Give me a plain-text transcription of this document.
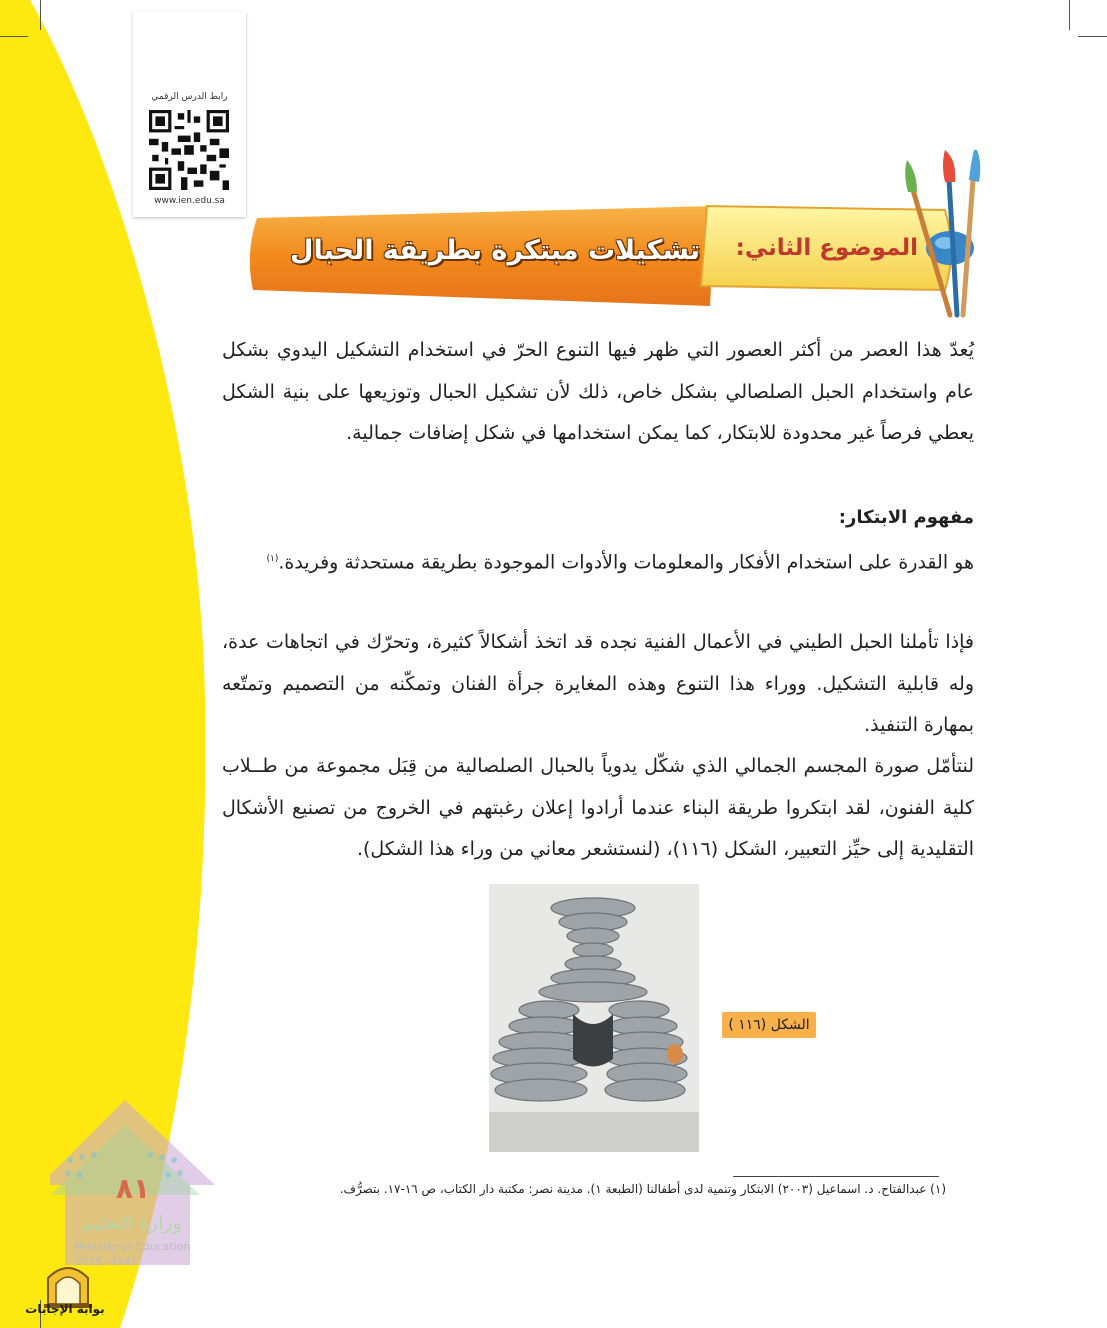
رابط الدرس الرقمي
www.ien.edu.sa
الموضوع الثاني:
تشكيلات مبتكرة بطريقة الحبال
يُعدّ هذا العصر من أكثر العصور التي ظهر فيها التنوع الحرّ في استخدام التشكيل اليدوي بشكل عام واستخدام الحبل الصلصالي بشكل خاص، ذلك لأن تشكيل الحبال وتوزيعها على بنية الشكل يعطي فرصاً غير محدودة للابتكار، كما يمكن استخدامها في شكل إضافات جمالية.
مفهوم الابتكار:
هو القدرة على استخدام الأفكار والمعلومات والأدوات الموجودة بطريقة مستحدثة وفريدة.$^{(١)}$
فإذا تأملنا الحبل الطيني في الأعمال الفنية نجده قد اتخذ أشكالاً كثيرة، وتحرّك في اتجاهات عدة، وله قابلية التشكيل. ووراء هذا التنوع وهذه المغايرة جرأة الفنان وتمكّنه من التصميم وتمتّعه بمهارة التنفيذ.
لنتأمّل صورة المجسم الجمالي الذي شكّل يدوياً بالحبال الصلصالية من قِبَل مجموعة من طــلاب كلية الفنون، لقد ابتكروا طريقة البناء عندما أرادوا إعلان رغبتهم في الخروج من تصنيع الأشكال التقليدية إلى حيِّز التعبير، الشكل (١١٦)، (لنستشعر معاني من وراء هذا الشكل).
الشكل (١١٦ )
(١) عبدالفتاح. د. اسماعيل (٢٠٠٣) الابتكار وتنمية لدى أطفالنا (الطبعة ١). مدينة نصر: مكتبة دار الكتاب، ص ١٦-١٧. بتصرُّف.
٨١
وزارة التعليم
Ministry of Education
2025 - 1447
بوابة الإجابات
